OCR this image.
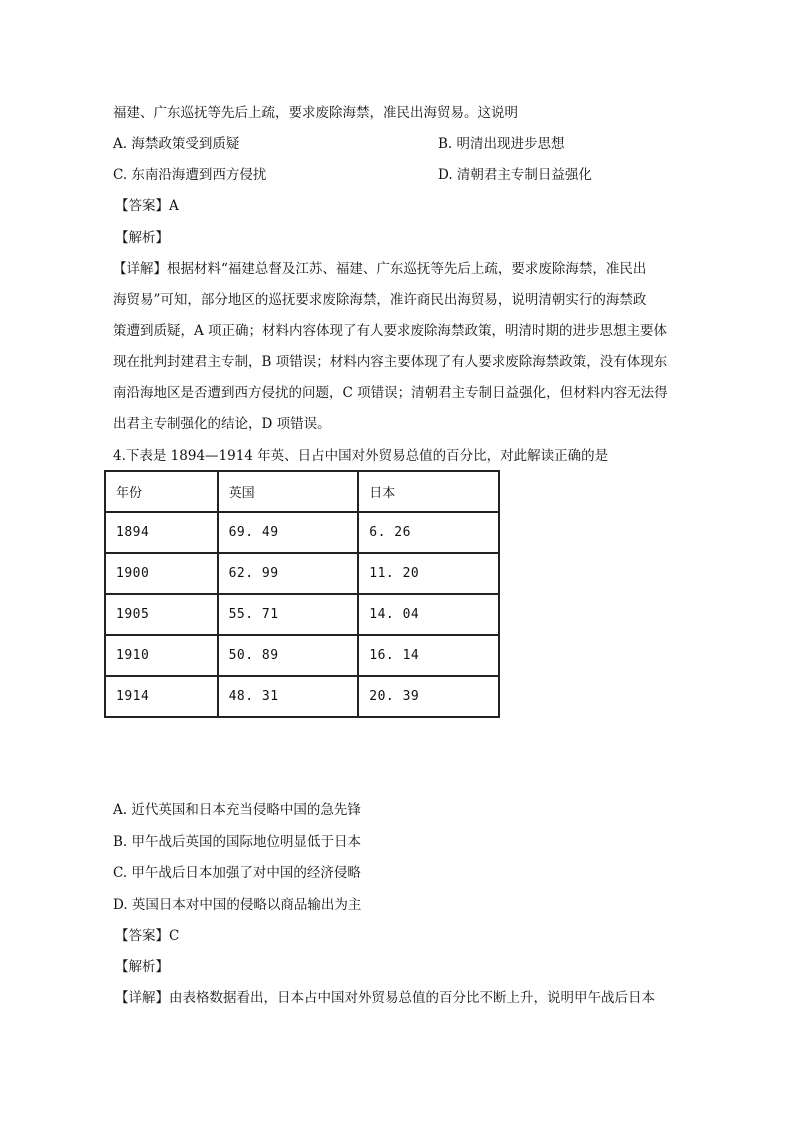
福建、广东巡抚等先后上疏，要求废除海禁，准民出海贸易。这说明
A. 海禁政策受到质疑	B. 明清出现进步思想
C. 东南沿海遭到西方侵扰	D. 清朝君主专制日益强化
【答案】A
【解析】
【详解】根据材料“福建总督及江苏、福建、广东巡抚等先后上疏，要求废除海禁，准民出
海贸易”可知，部分地区的巡抚要求废除海禁，准许商民出海贸易，说明清朝实行的海禁政
策遭到质疑，A 项正确；材料内容体现了有人要求废除海禁政策，明清时期的进步思想主要体
现在批判封建君主专制，B 项错误；材料内容主要体现了有人要求废除海禁政策，没有体现东
南沿海地区是否遭到西方侵扰的问题，C 项错误；清朝君主专制日益强化，但材料内容无法得
出君主专制强化的结论，D 项错误。
4.下表是 1894—1914 年英、日占中国对外贸易总值的百分比，对此解读正确的是
年份	英国	日本
1894	69. 49	6. 26
1900	62. 99	11. 20
1905	55. 71	14. 04
1910	50. 89	16. 14
1914	48. 31	20. 39
A. 近代英国和日本充当侵略中国的急先锋
B. 甲午战后英国的国际地位明显低于日本
C. 甲午战后日本加强了对中国的经济侵略
D. 英国日本对中国的侵略以商品输出为主
【答案】C
【解析】
【详解】由表格数据看出，日本占中国对外贸易总值的百分比不断上升，说明甲午战后日本
